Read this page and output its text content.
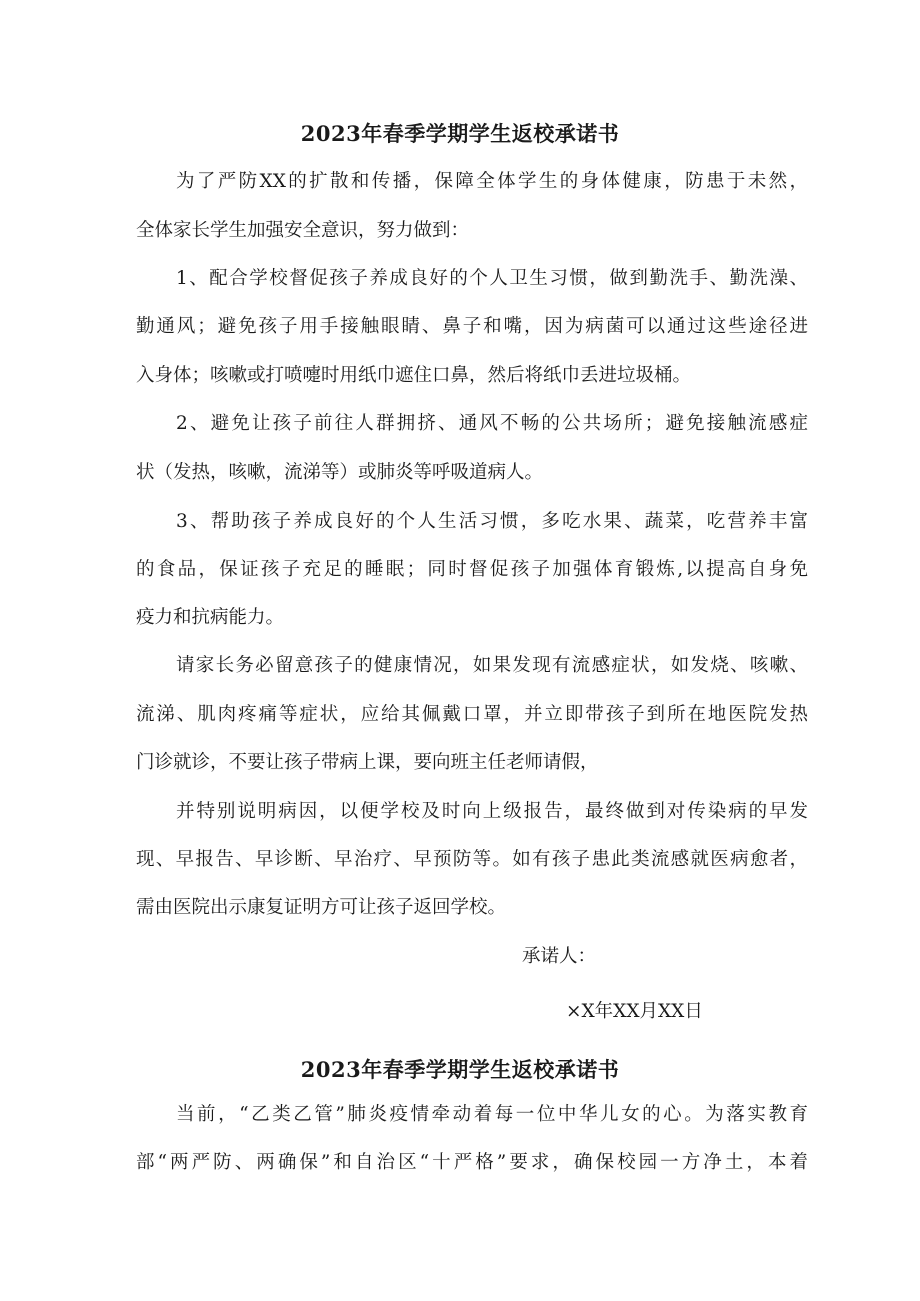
2023年春季学期学生返校承诺书
为了严防XX的扩散和传播，保障全体学生的身体健康，防患于未然，
全体家长学生加强安全意识，努力做到：
1、配合学校督促孩子养成良好的个人卫生习惯，做到勤洗手、勤洗澡、
勤通风；避免孩子用手接触眼睛、鼻子和嘴，因为病菌可以通过这些途径进
入身体；咳嗽或打喷嚏时用纸巾遮住口鼻，然后将纸巾丢进垃圾桶。
2、避免让孩子前往人群拥挤、通风不畅的公共场所；避免接触流感症
状（发热，咳嗽，流涕等）或肺炎等呼吸道病人。
3、帮助孩子养成良好的个人生活习惯，多吃水果、蔬菜，吃营养丰富
的食品，保证孩子充足的睡眠；同时督促孩子加强体育锻炼,以提高自身免
疫力和抗病能力。
请家长务必留意孩子的健康情况，如果发现有流感症状，如发烧、咳嗽、
流涕、肌肉疼痛等症状，应给其佩戴口罩，并立即带孩子到所在地医院发热
门诊就诊，不要让孩子带病上课，要向班主任老师请假，
并特别说明病因，以便学校及时向上级报告，最终做到对传染病的早发
现、早报告、早诊断、早治疗、早预防等。如有孩子患此类流感就医病愈者，
需由医院出示康复证明方可让孩子返回学校。
承诺人：
×X年XX月XX日
2023年春季学期学生返校承诺书
当前，“乙类乙管”肺炎疫情牵动着每一位中华儿女的心。为落实教育
部“两严防、两确保”和自治区“十严格”要求，确保校园一方净土，本着
